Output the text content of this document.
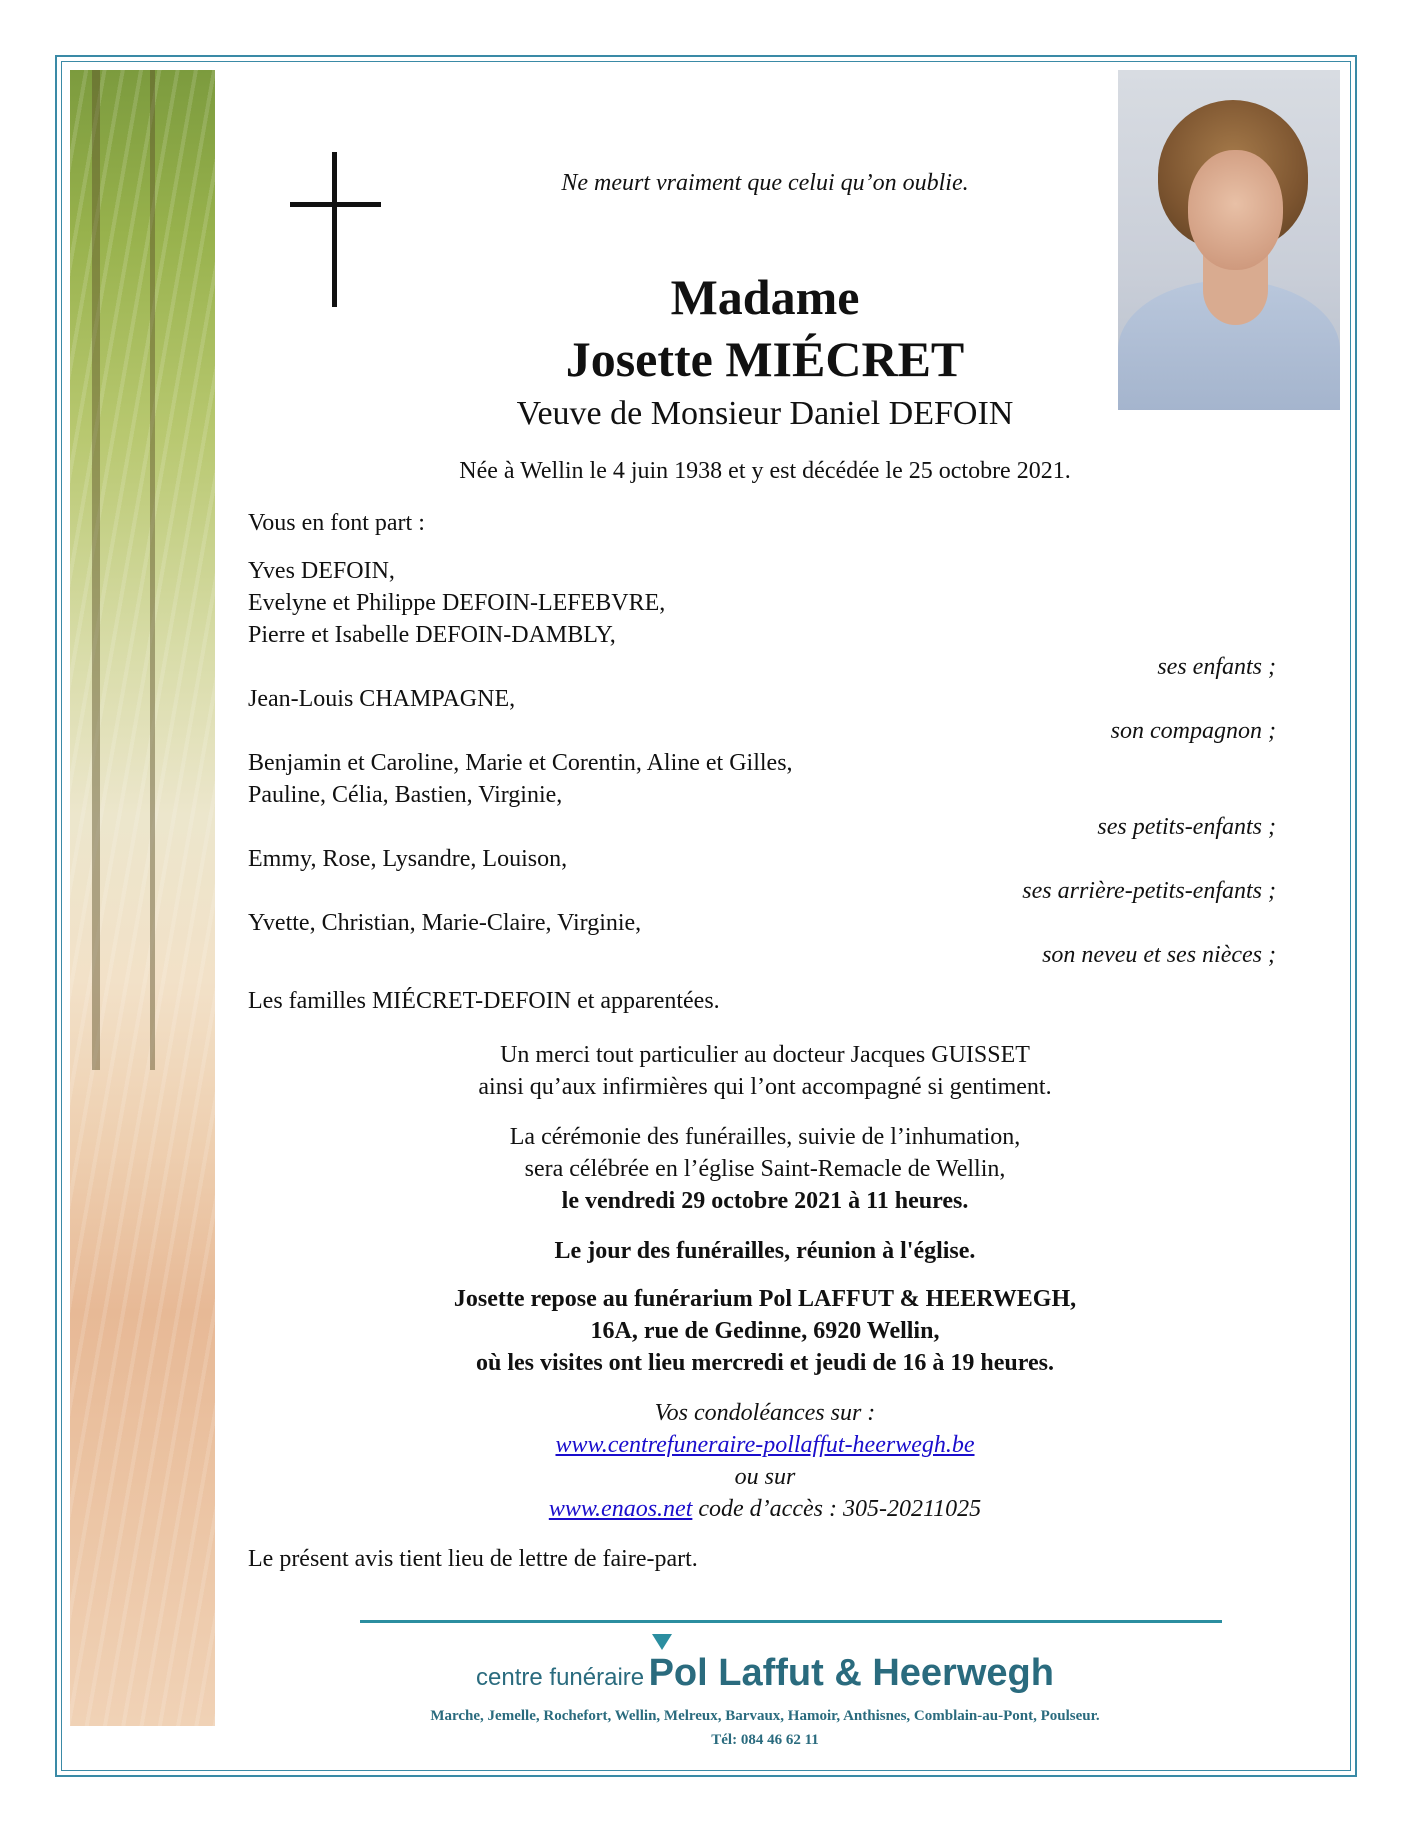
Ne meurt vraiment que celui qu’on oublie.
Madame
Josette MIÉCRET
Veuve de Monsieur Daniel DEFOIN
Née à Wellin le 4 juin 1938 et y est décédée le 25 octobre 2021.
Vous en font part :
Yves DEFOIN,
Evelyne et Philippe DEFOIN-LEFEBVRE,
Pierre et Isabelle DEFOIN-DAMBLY,
ses enfants ;
Jean-Louis CHAMPAGNE,
son compagnon ;
Benjamin et Caroline, Marie et Corentin, Aline et Gilles,
Pauline, Célia, Bastien, Virginie,
ses petits-enfants ;
Emmy, Rose, Lysandre, Louison,
ses arrière-petits-enfants ;
Yvette, Christian, Marie-Claire, Virginie,
son neveu et ses nièces ;
Les familles MIÉCRET-DEFOIN et apparentées.
Un merci tout particulier au docteur Jacques GUISSET
ainsi qu’aux infirmières qui l’ont accompagné si gentiment.
La cérémonie des funérailles, suivie de l’inhumation,
sera célébrée en l’église Saint-Remacle de Wellin,
le vendredi 29 octobre 2021 à 11 heures.
Le jour des funérailles, réunion à l'église.
Josette repose au funérarium Pol LAFFUT & HEERWEGH,
16A, rue de Gedinne, 6920 Wellin,
où les visites ont lieu mercredi et jeudi de 16 à 19 heures.
Vos condoléances sur :
www.centrefuneraire-pollaffut-heerwegh.be
ou sur
www.enaos.net code d’accès : 305-20211025
Le présent avis tient lieu de lettre de faire-part.
centre funéraire Pol Laffut & Heerwegh
Marche, Jemelle, Rochefort, Wellin, Melreux, Barvaux, Hamoir, Anthisnes, Comblain-au-Pont, Poulseur.
Tél: 084 46 62 11
